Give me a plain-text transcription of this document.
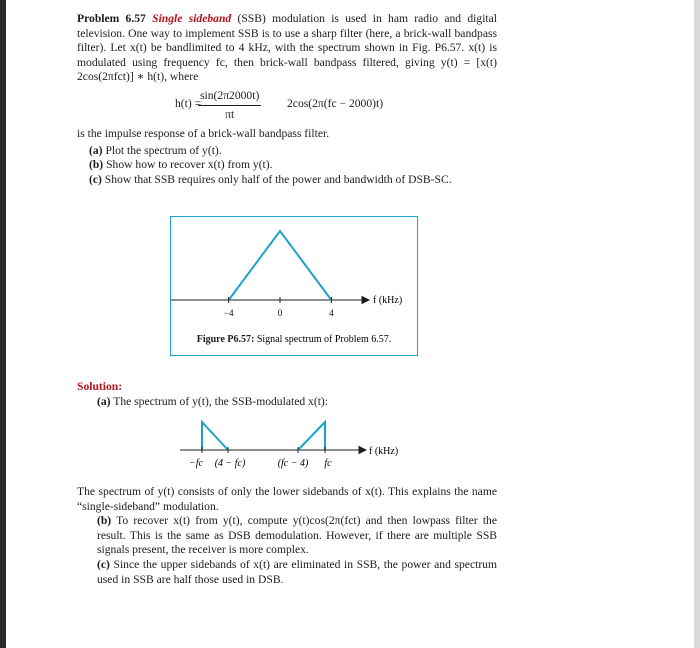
Problem 6.57 Single sideband (SSB) modulation is used in ham radio and digital television. One way to implement SSB is to use a sharp filter (here, a brick-wall bandpass filter). Let x(t) be bandlimited to 4 kHz, with the spectrum shown in Fig. P6.57. x(t) is modulated using frequency fc, then brick-wall bandpass filtered, giving y(t) = [x(t) 2cos(2πfct)] ∗ h(t), where

h(t) =
$\frac{\sin(2\pi 2000t)}{\pi t} 2\cos(2\pi(fc - 2000)t)$

is the impulse response of a brick-wall bandpass filter.

(a) Plot the spectrum of y(t).

(b) Show how to recover x(t) from y(t).

(c) Show that SSB requires only half of the power and bandwidth of DSB-SC.

−4	0	4
f (kHz)
Figure P6.57: Signal spectrum of Problem 6.57.

Solution:

(a) The spectrum of y(t), the SSB-modulated x(t):

−fc (4 − fc)	(fc − 4) fc
f (kHz)

The spectrum of y(t) consists of only the lower sidebands of x(t). This explains the name “single-sideband” modulation.

(b) To recover x(t) from y(t), compute y(t)cos(2π(fct) and then lowpass filter the result. This is the same as DSB demodulation. However, if there are multiple SSB signals present, the receiver is more complex.

(c) Since the upper sidebands of x(t) are eliminated in SSB, the power and spectrum used in SSB are half those used in DSB.
